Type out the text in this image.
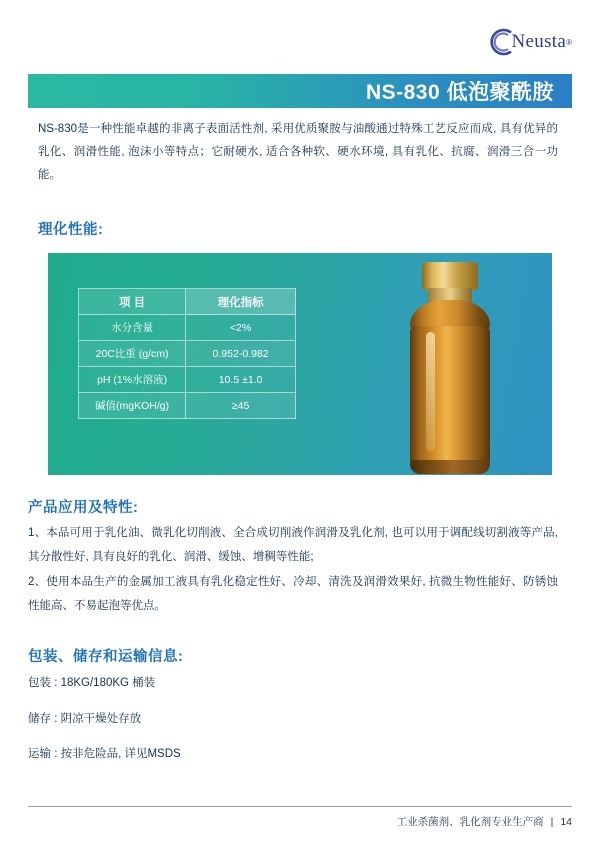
Neusta ®
NS-830 低泡聚酰胺
NS-830是一种性能卓越的非离子表面活性剂, 采用优质聚胺与油酸通过特殊工艺反应而成, 具有优异的乳化、润滑性能, 泡沫小等特点；它耐硬水, 适合各种软、硬水环境, 具有乳化、抗腐、润滑三合一功能。
理化性能:
项 目	理化指标
水分含量	<2%
20C比重 (g/cm)	0.952-0.982
pH (1%水溶液)	10.5 ±1.0
碱值(mgKOH/g)	≥45
产品应用及特性:

1、本品可用于乳化油、微乳化切削液、全合成切削液作润滑及乳化剂, 也可以用于调配线切割液等产品, 其分散性好, 具有良好的乳化、润滑、缓蚀、增稠等性能;

2、使用本品生产的金属加工液具有乳化稳定性好、冷却、清洗及润滑效果好, 抗微生物性能好、防锈蚀性能高、不易起泡等优点。

包装、储存和运输信息:

包装 : 18KG/180KG 桶装

储存 : 阴凉干燥处存放

运输 : 按非危险品, 详见MSDS

工业杀菌剂、乳化剂专业生产商 | 14
